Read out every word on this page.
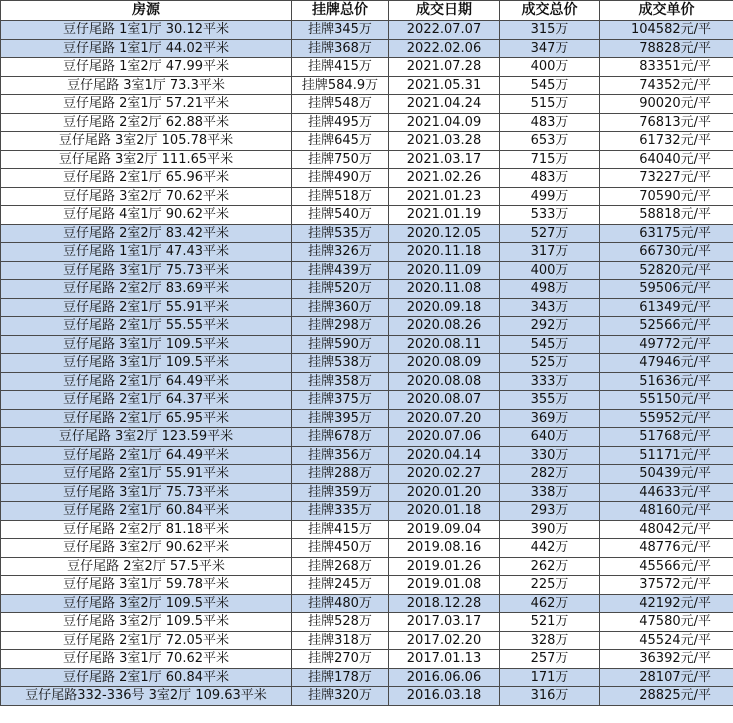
房源	挂牌总价	成交日期	成交总价	成交单价
豆仔尾路 1室1厅 30.12平米	挂牌345万	2022.07.07	315万	104582元/平
豆仔尾路 1室1厅 44.02平米	挂牌368万	2022.02.06	347万	78828元/平
豆仔尾路 1室2厅 47.99平米	挂牌415万	2021.07.28	400万	83351元/平
豆仔尾路 3室1厅 73.3平米	挂牌584.9万	2021.05.31	545万	74352元/平
豆仔尾路 2室1厅 57.21平米	挂牌548万	2021.04.24	515万	90020元/平
豆仔尾路 2室2厅 62.88平米	挂牌495万	2021.04.09	483万	76813元/平
豆仔尾路 3室2厅 105.78平米	挂牌645万	2021.03.28	653万	61732元/平
豆仔尾路 3室2厅 111.65平米	挂牌750万	2021.03.17	715万	64040元/平
豆仔尾路 2室1厅 65.96平米	挂牌490万	2021.02.26	483万	73227元/平
豆仔尾路 3室2厅 70.62平米	挂牌518万	2021.01.23	499万	70590元/平
豆仔尾路 4室1厅 90.62平米	挂牌540万	2021.01.19	533万	58818元/平
豆仔尾路 2室2厅 83.42平米	挂牌535万	2020.12.05	527万	63175元/平
豆仔尾路 1室1厅 47.43平米	挂牌326万	2020.11.18	317万	66730元/平
豆仔尾路 3室1厅 75.73平米	挂牌439万	2020.11.09	400万	52820元/平
豆仔尾路 2室2厅 83.69平米	挂牌520万	2020.11.08	498万	59506元/平
豆仔尾路 2室1厅 55.91平米	挂牌360万	2020.09.18	343万	61349元/平
豆仔尾路 2室1厅 55.55平米	挂牌298万	2020.08.26	292万	52566元/平
豆仔尾路 3室1厅 109.5平米	挂牌590万	2020.08.11	545万	49772元/平
豆仔尾路 3室1厅 109.5平米	挂牌538万	2020.08.09	525万	47946元/平
豆仔尾路 2室1厅 64.49平米	挂牌358万	2020.08.08	333万	51636元/平
豆仔尾路 2室1厅 64.37平米	挂牌375万	2020.08.07	355万	55150元/平
豆仔尾路 2室1厅 65.95平米	挂牌395万	2020.07.20	369万	55952元/平
豆仔尾路 3室2厅 123.59平米	挂牌678万	2020.07.06	640万	51768元/平
豆仔尾路 2室1厅 64.49平米	挂牌356万	2020.04.14	330万	51171元/平
豆仔尾路 2室1厅 55.91平米	挂牌288万	2020.02.27	282万	50439元/平
豆仔尾路 3室1厅 75.73平米	挂牌359万	2020.01.20	338万	44633元/平
豆仔尾路 2室1厅 60.84平米	挂牌335万	2020.01.18	293万	48160元/平
豆仔尾路 2室2厅 81.18平米	挂牌415万	2019.09.04	390万	48042元/平
豆仔尾路 3室2厅 90.62平米	挂牌450万	2019.08.16	442万	48776元/平
豆仔尾路 2室2厅 57.5平米	挂牌268万	2019.01.26	262万	45566元/平
豆仔尾路 3室1厅 59.78平米	挂牌245万	2019.01.08	225万	37572元/平
豆仔尾路 3室2厅 109.5平米	挂牌480万	2018.12.28	462万	42192元/平
豆仔尾路 3室2厅 109.5平米	挂牌528万	2017.03.17	521万	47580元/平
豆仔尾路 2室1厅 72.05平米	挂牌318万	2017.02.20	328万	45524元/平
豆仔尾路 3室1厅 70.62平米	挂牌270万	2017.01.13	257万	36392元/平
豆仔尾路 2室1厅 60.84平米	挂牌178万	2016.06.06	171万	28107元/平
豆仔尾路332-336号 3室2厅 109.63平米	挂牌320万	2016.03.18	316万	28825元/平
